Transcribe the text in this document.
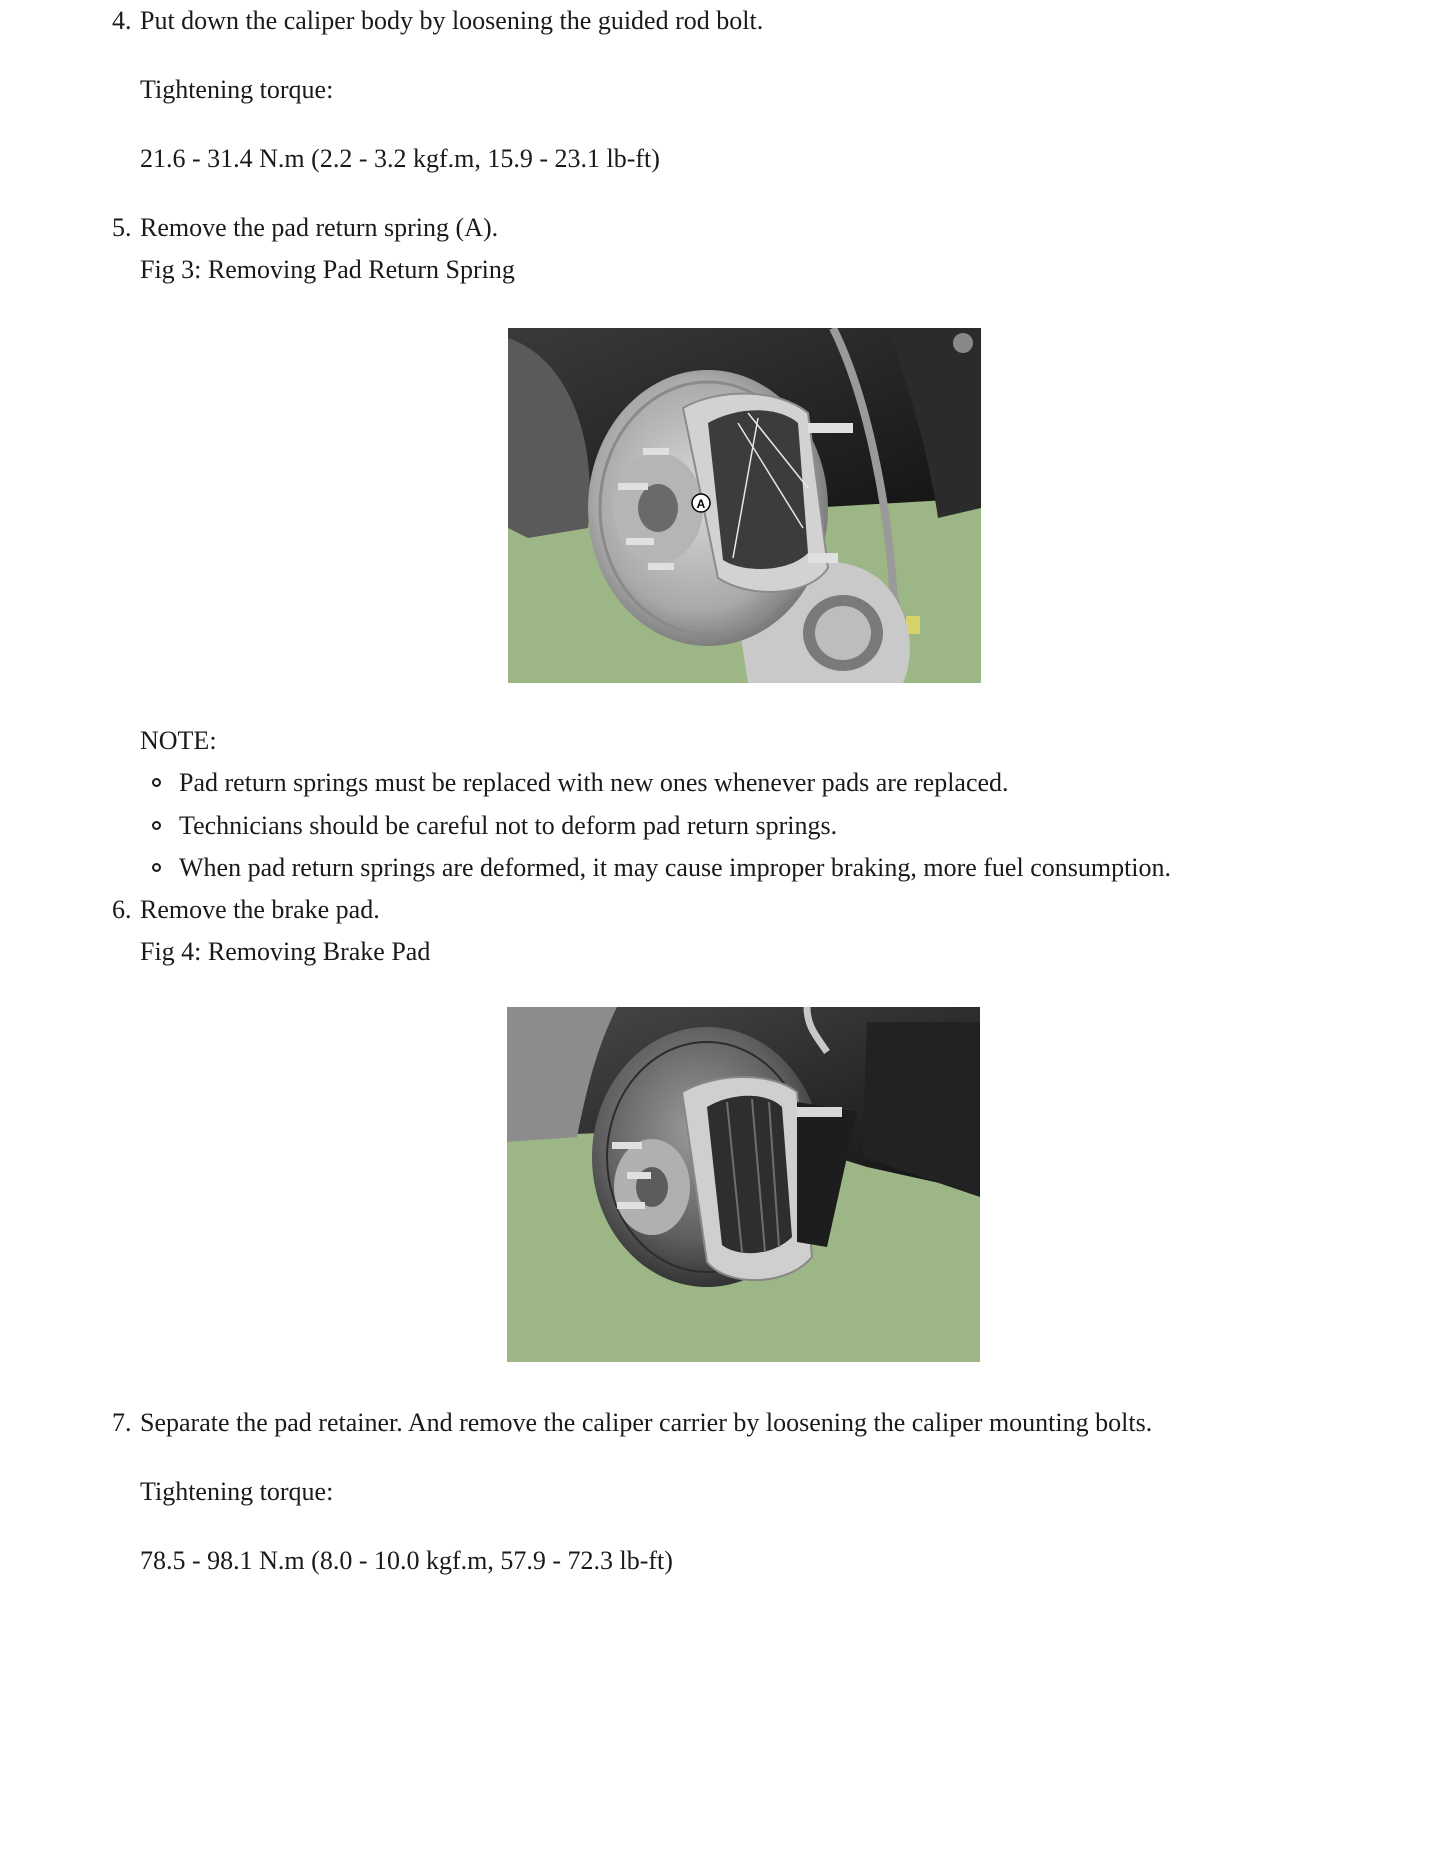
4. Put down the caliper body by loosening the guided rod bolt.
Tightening torque:
21.6 - 31.4 N.m (2.2 - 3.2 kgf.m, 15.9 - 23.1 lb-ft)
5. Remove the pad return spring (A).
Fig 3: Removing Pad Return Spring
A
NOTE:
Pad return springs must be replaced with new ones whenever pads are replaced.
Technicians should be careful not to deform pad return springs.
When pad return springs are deformed, it may cause improper braking, more fuel consumption.
6. Remove the brake pad.
Fig 4: Removing Brake Pad
7. Separate the pad retainer. And remove the caliper carrier by loosening the caliper mounting bolts.
Tightening torque:
78.5 - 98.1 N.m (8.0 - 10.0 kgf.m, 57.9 - 72.3 lb-ft)
